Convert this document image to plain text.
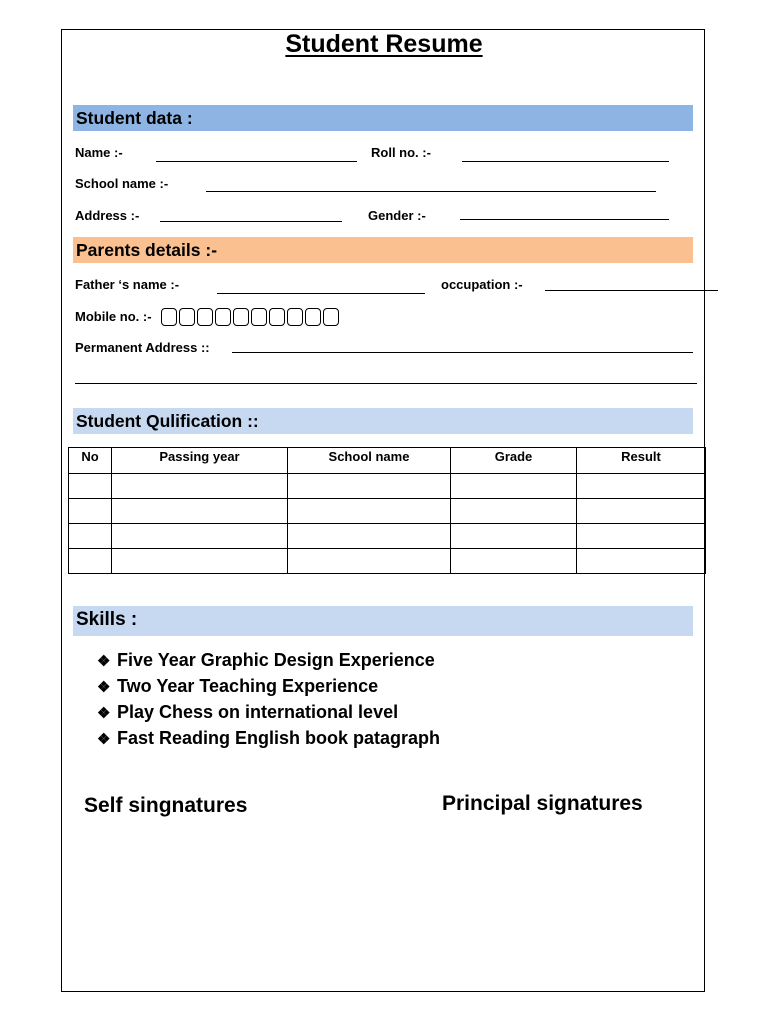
Student Resume
Student data :
Name :-	Roll no. :-
School name :-
Address :-	Gender :-
Parents details :-
Father ‘s name :-	occupation :-
Mobile no. :-
Permanent Address ::
Student Qulification ::
No	Passing year	School name	Grade	Result

Skills :
❖ Five Year Graphic Design Experience
❖ Two Year Teaching Experience
❖ Play Chess on international level
❖ Fast Reading English book patagraph
Self singnatures	Principal signatures
